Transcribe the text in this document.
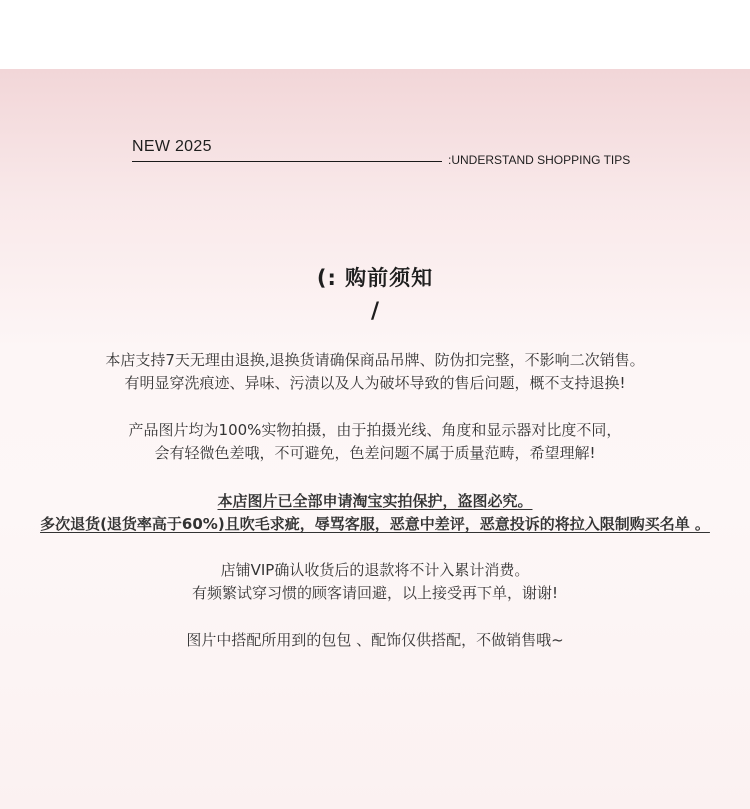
NEW 2025
:UNDERSTAND SHOPPING TIPS
(: 购前须知
/
本店支持7天无理由退换,退换货请确保商品吊牌、防伪扣完整，不影响二次销售。
有明显穿洗痕迹、异味、污渍以及人为破坏导致的售后问题，概不支持退换!
产品图片均为100%实物拍摄，由于拍摄光线、角度和显示器对比度不同，
会有轻微色差哦，不可避免，色差问题不属于质量范畴，希望理解!
本店图片已全部申请淘宝实拍保护，盗图必究。
多次退货(退货率高于60%)且吹毛求疵，辱骂客服，恶意中差评，恶意投诉的将拉入限制购买名单 。
店铺VIP确认收货后的退款将不计入累计消费。
有频繁试穿习惯的顾客请回避，以上接受再下单，谢谢!
图片中搭配所用到的包包 、配饰仅供搭配，不做销售哦~
